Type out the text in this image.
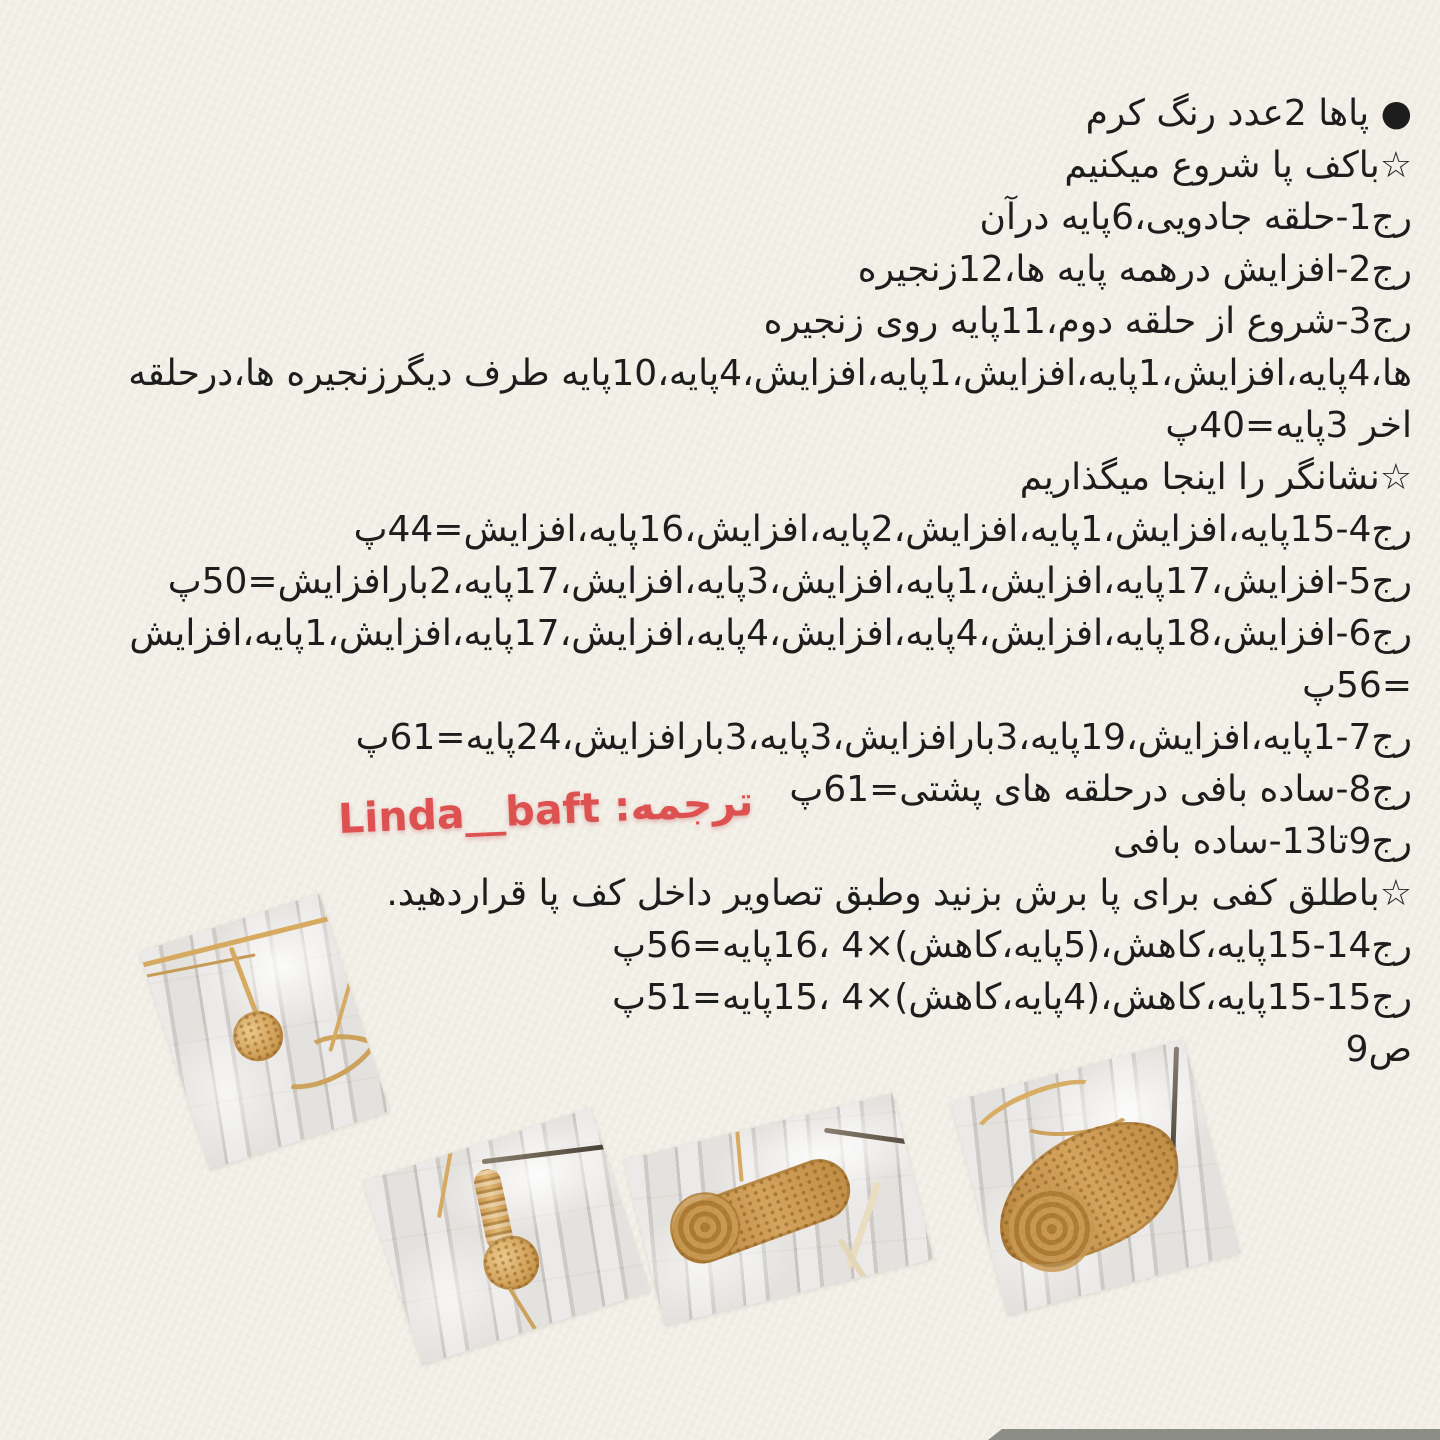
● پاها 2عدد رنگ کرم
☆باکف پا شروع میکنیم
رج1-حلقه جادویی،6پایه درآن
رج2-افزایش درهمه پایه ها،12زنجیره
رج3-شروع از حلقه دوم،11پایه روی زنجیره
ها،4پایه،افزایش،1پایه،افزایش،1پایه،افزایش،4پایه،10پایه طرف دیگرزنجیره ها،درحلقه
اخر 3پایه=40پ
☆نشانگر را اینجا میگذاریم
رج4-‏15پایه،افزایش،1پایه،افزایش،2پایه،افزایش،16پایه،افزایش=44پ
رج5-افزایش،17پایه،افزایش،1پایه،افزایش،3پایه،افزایش،17پایه،2بارافزایش=50پ
رج6-افزایش،18پایه،افزایش،4پایه،افزایش،4پایه،افزایش،17پایه،افزایش،1پایه،افزایش
=56پ
رج7-‏1پایه،افزایش،19پایه،3بارافزایش،3پایه،3بارافزایش،24پایه=61پ
رج8-ساده بافی درحلقه های پشتی=61پ
رج9تا13-ساده بافی
☆باطلق کفی برای پا برش بزنید وطبق تصاویر داخل کف پا قراردهید.
رج14-‏15پایه،کاهش،(5پایه،کاهش)×4 ،16پایه=56پ
رج15-‏15پایه،کاهش،(4پایه،کاهش)×4 ،15پایه=51پ
ص9
ترجمه: Linda__baft
